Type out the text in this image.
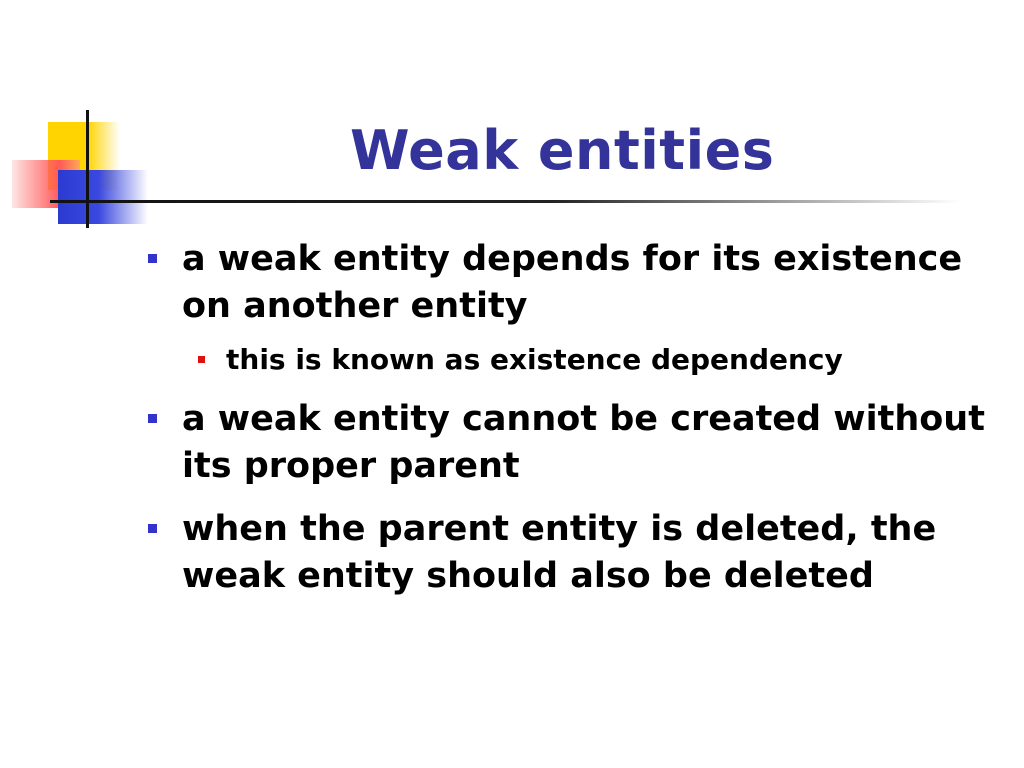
Weak entities
a weak entity depends for its existence on another entity
this is known as existence dependency
a weak entity cannot be created without its proper parent
when the parent entity is deleted, the weak entity should also be deleted
